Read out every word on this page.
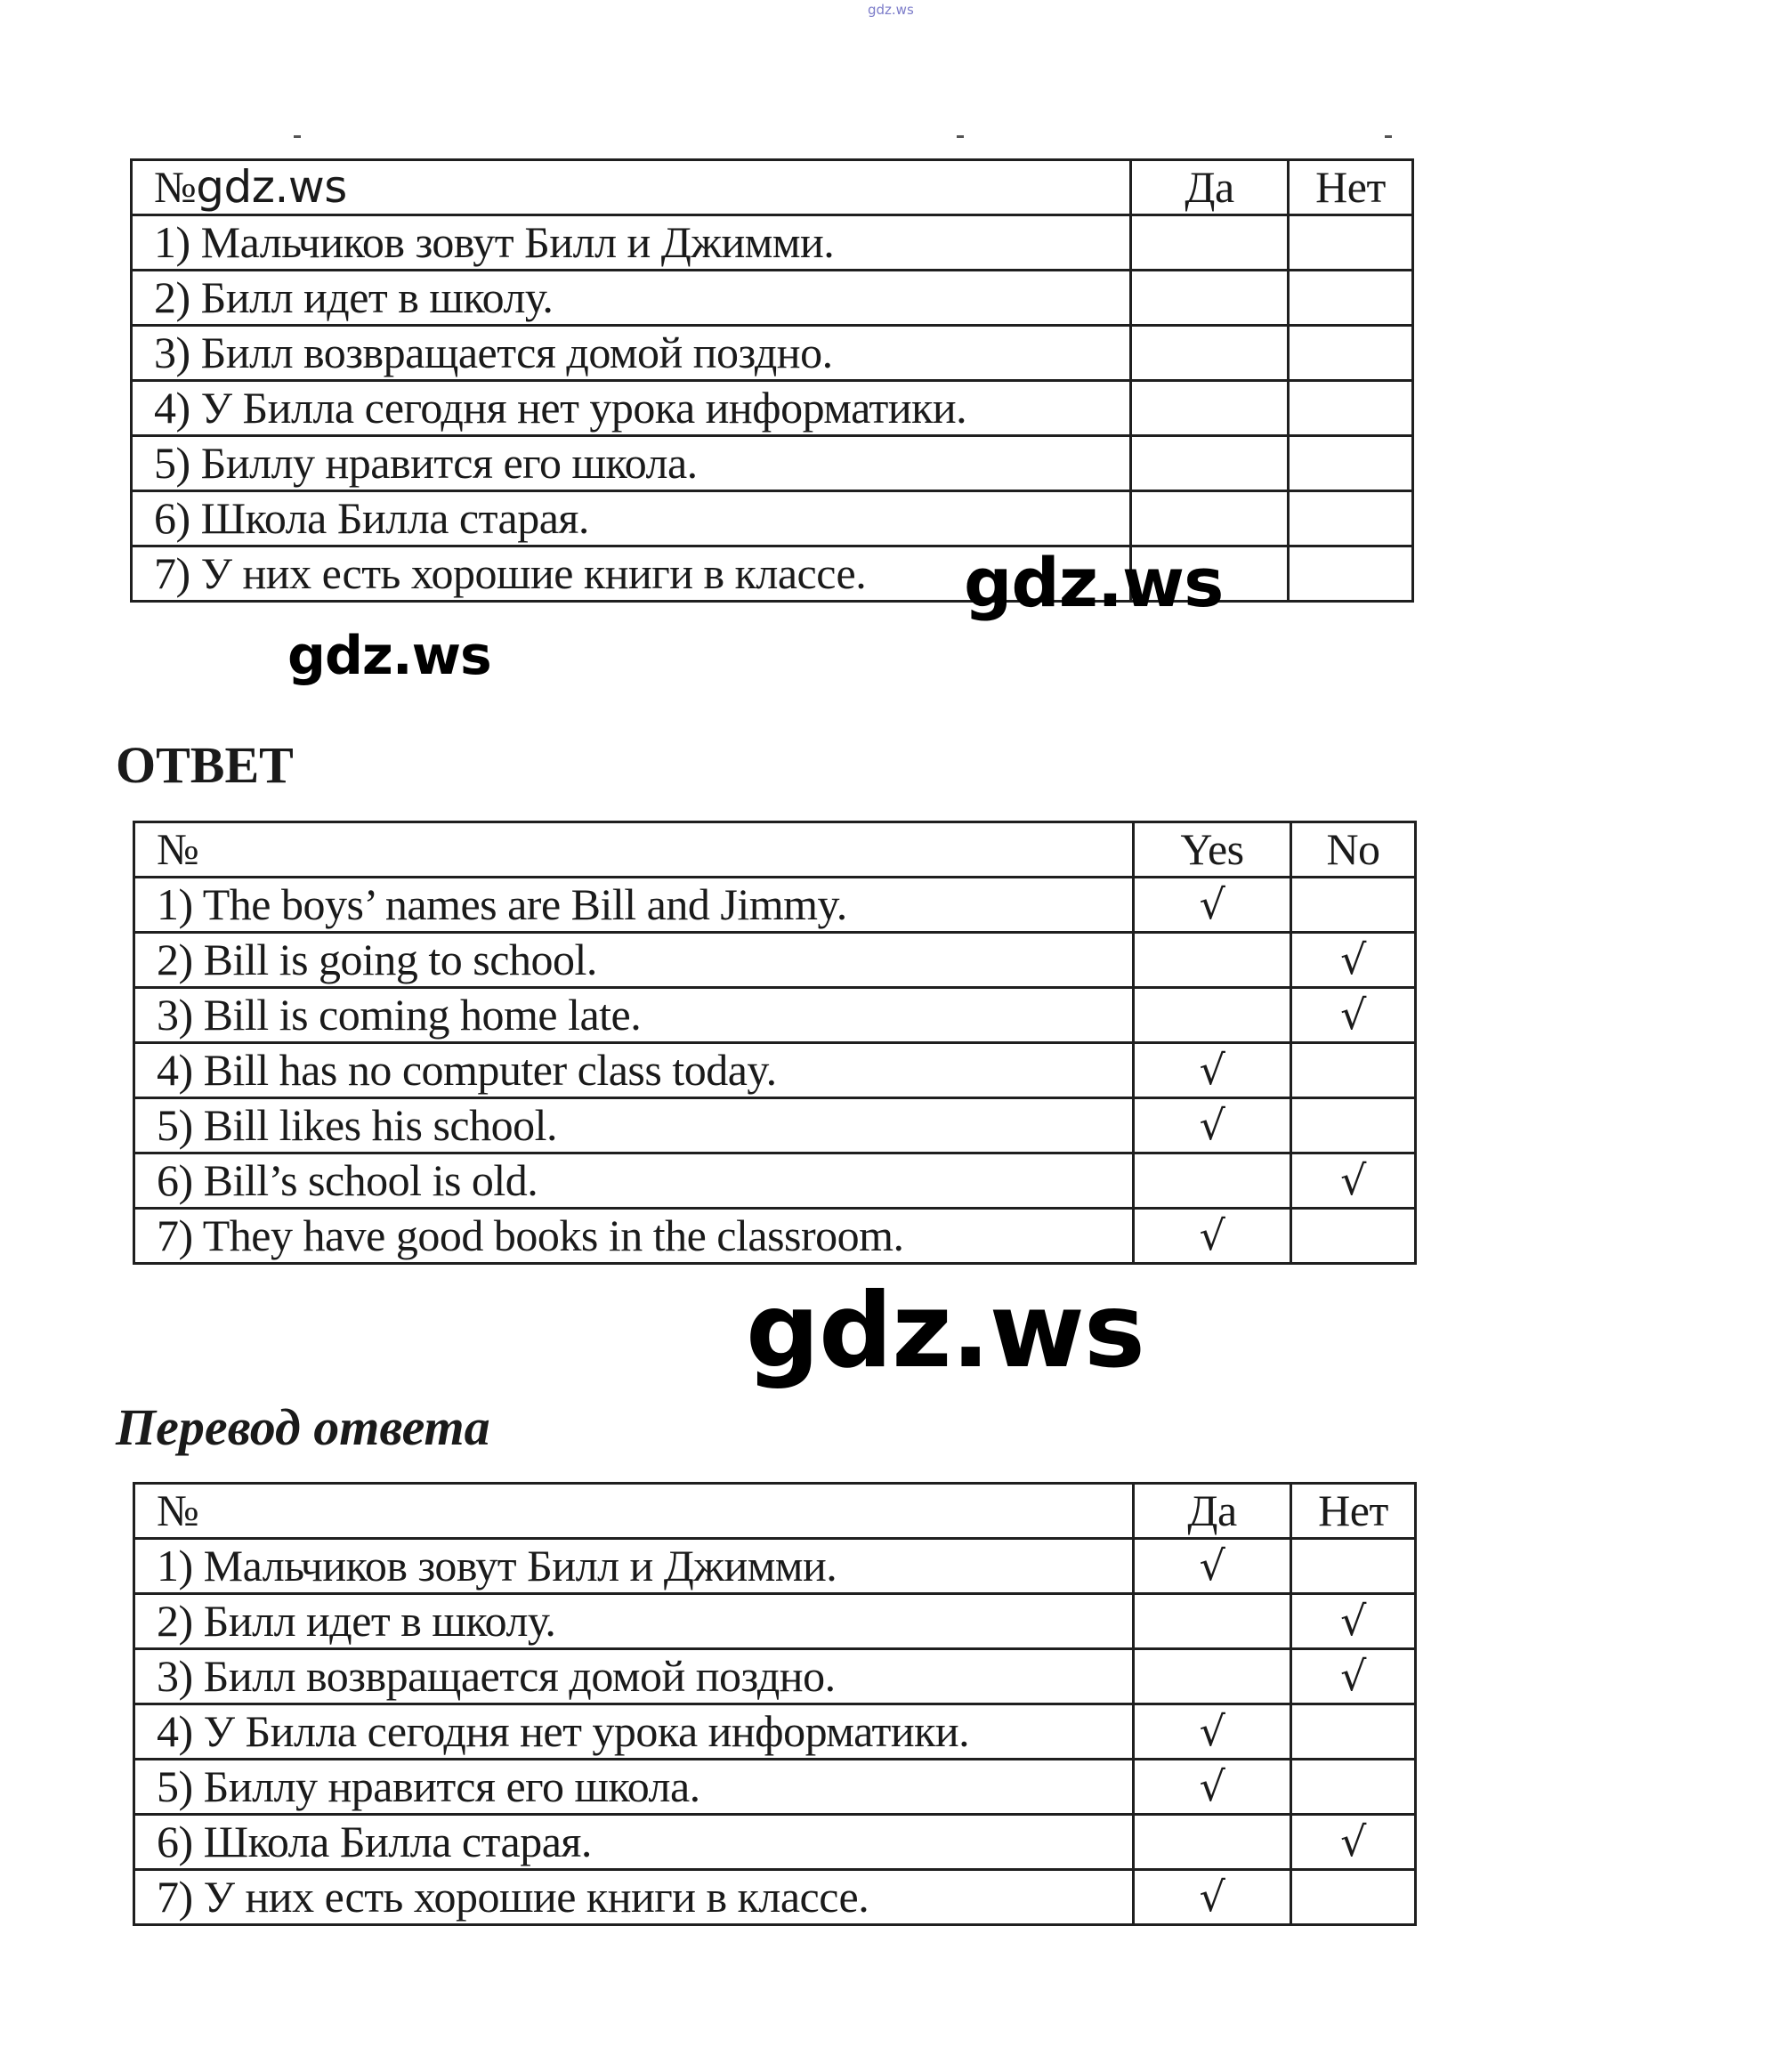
gdz.ws
№gdz.ws	Да	Нет
1) Мальчиков зовут Билл и Джимми.		
2) Билл идет в школу.		
3) Билл возвращается домой поздно.		
4) У Билла сегодня нет урока информатики.		
5) Биллу нравится его школа.		
6) Школа Билла старая.		
7) У них есть хорошие книги в классе.		gdz.ws
gdz.ws
ОТВЕТ
№	Yes	No
1) The boys’ names are Bill and Jimmy.	√	
2) Bill is going to school.		√
3) Bill is coming home late.		√
4) Bill has no computer class today.	√	
5) Bill likes his school.	√	
6) Bill’s school is old.		√
7) They have good books in the classroom.	√	
gdz.ws
Перевод ответа
№	Да	Нет
1) Мальчиков зовут Билл и Джимми.	√	
2) Билл идет в школу.		√
3) Билл возвращается домой поздно.		√
4) У Билла сегодня нет урока информатики.	√	
5) Биллу нравится его школа.	√	
6) Школа Билла старая.		√
7) У них есть хорошие книги в классе.	√	
